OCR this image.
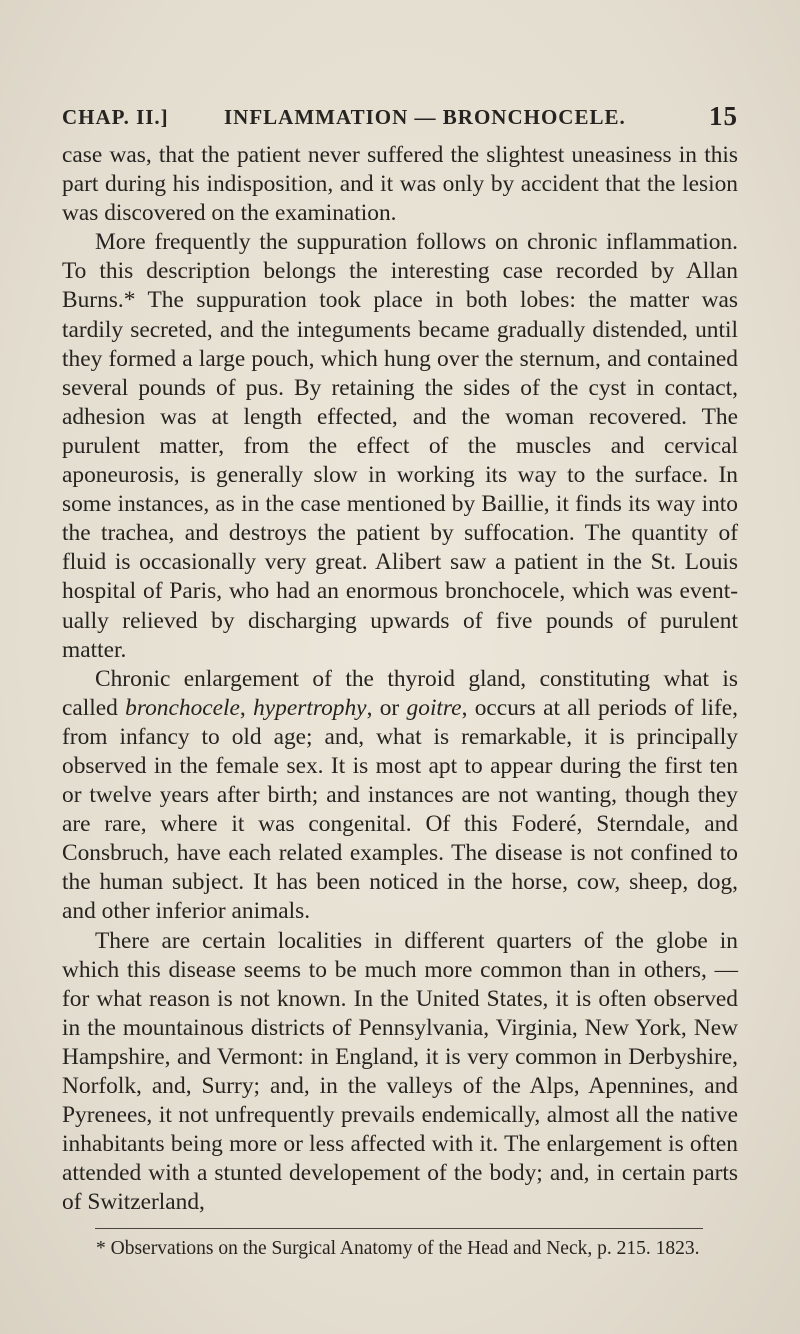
CHAP. II.]	INFLAMMATION — BRONCHOCELE.	15

case was, that the patient never suffered the slightest uneasiness in this part during his indisposition, and it was only by accident that the lesion was discovered on the examination.

More frequently the suppuration follows on chronic inflammation. To this description belongs the interesting case recorded by Allan Burns.* The suppuration took place in both lobes: the matter was tardily secreted, and the integuments became gradually distended, until they formed a large pouch, which hung over the sternum, and contained several pounds of pus. By retaining the sides of the cyst in contact, adhesion was at length effected, and the woman recovered. The purulent matter, from the effect of the muscles and cervical aponeurosis, is generally slow in working its way to the surface. In some instances, as in the case mentioned by Baillie, it finds its way into the trachea, and destroys the patient by suffocation. The quantity of fluid is occasionally very great. Alibert saw a patient in the St. Louis hospital of Paris, who had an enormous bronchocele, which was eventually relieved by discharging upwards of five pounds of purulent matter.

Chronic enlargement of the thyroid gland, constituting what is called bronchocele, hypertrophy, or goitre, occurs at all periods of life, from infancy to old age; and, what is remarkable, it is principally observed in the female sex. It is most apt to appear during the first ten or twelve years after birth; and instances are not wanting, though they are rare, where it was congenital. Of this Foderé, Sterndale, and Consbruch, have each related examples. The disease is not confined to the human subject. It has been noticed in the horse, cow, sheep, dog, and other inferior animals.

There are certain localities in different quarters of the globe in which this disease seems to be much more common than in others, — for what reason is not known. In the United States, it is often observed in the mountainous districts of Pennsylvania, Virginia, New York, New Hampshire, and Vermont: in England, it is very common in Derbyshire, Norfolk, and, Surry; and, in the valleys of the Alps, Apennines, and Pyrenees, it not unfrequently prevails endemically, almost all the native inhabitants being more or less affected with it. The enlargement is often attended with a stunted developement of the body; and, in certain parts of Switzerland,

* Observations on the Surgical Anatomy of the Head and Neck, p. 215. 1823.
